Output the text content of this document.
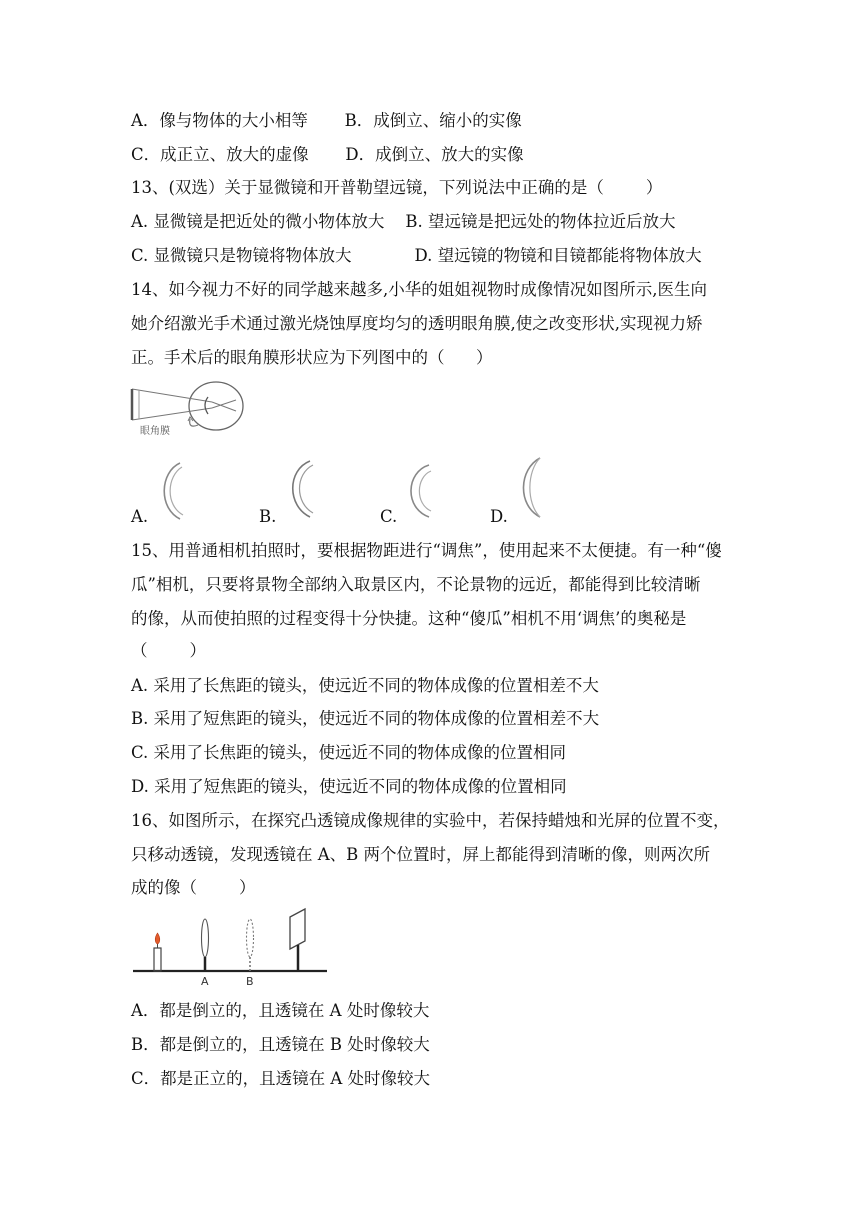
A．像与物体的大小相等       B．成倒立、缩小的实像
C．成正立、放大的虚像       D．成倒立、放大的实像
13、(双选）关于显微镜和开普勒望远镜，下列说法中正确的是（        ）
A. 显微镜是把近处的微小物体放大    B. 望远镜是把远处的物体拉近后放大
C. 显微镜只是物镜将物体放大            D. 望远镜的物镜和目镜都能将物体放大
14、如今视力不好的同学越来越多,小华的姐姐视物时成像情况如图所示,医生向
她介绍激光手术通过激光烧蚀厚度均匀的透明眼角膜,使之改变形状,实现视力矫
正。手术后的眼角膜形状应为下列图中的（      ）
眼角膜
A.	B.	C.	D.
15、用普通相机拍照时，要根据物距进行“调焦”，使用起来不太便捷。有一种“傻
瓜”相机，只要将景物全部纳入取景区内，不论景物的远近，都能得到比较清晰
的像，从而使拍照的过程变得十分快捷。这种“傻瓜”相机不用‘调焦’的奥秘是
（        ）
A. 采用了长焦距的镜头，使远近不同的物体成像的位置相差不大
B. 采用了短焦距的镜头，使远近不同的物体成像的位置相差不大
C. 采用了长焦距的镜头，使远近不同的物体成像的位置相同
D. 采用了短焦距的镜头，使远近不同的物体成像的位置相同
16、如图所示，在探究凸透镜成像规律的实验中，若保持蜡烛和光屏的位置不变，
只移动透镜，发现透镜在 A、B 两个位置时，屏上都能得到清晰的像，则两次所
成的像（        ）
A	B
A．都是倒立的，且透镜在 A 处时像较大
B．都是倒立的，且透镜在 B 处时像较大
C．都是正立的，且透镜在 A 处时像较大
